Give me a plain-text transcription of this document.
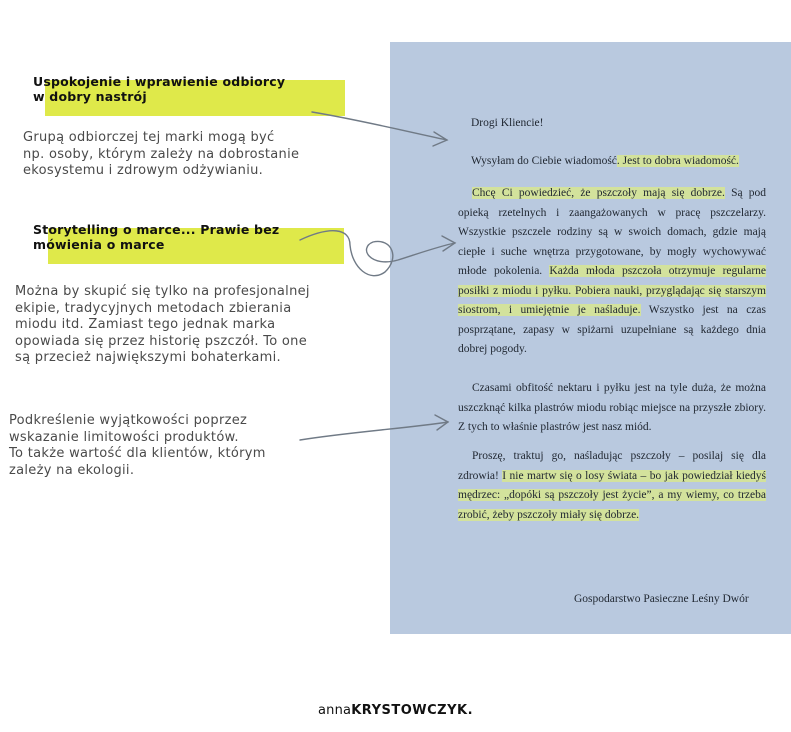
Uspokojenie i wprawienie odbiorcy
w dobry nastrój
Grupą odbiorczej tej marki mogą być
np. osoby, którym zależy na dobrostanie
ekosystemu i zdrowym odżywianiu.
Storytelling o marce... Prawie bez
mówienia o marce
Można by skupić się tylko na profesjonalnej
ekipie, tradycyjnych metodach zbierania
miodu itd. Zamiast tego jednak marka
opowiada się przez historię pszczół. To one
są przecież największymi bohaterkami.
Podkreślenie wyjątkowości poprzez
wskazanie limitowości produktów.
To także wartość dla klientów, którym
zależy na ekologii.
Drogi Kliencie!
Wysyłam do Ciebie wiadomość. Jest to dobra wiadomość.
Chcę Ci powiedzieć, że pszczoły mają się dobrze. Są pod opieką rzetelnych i zaangażowanych w pracę pszczelarzy. Wszystkie pszczele rodziny są w swoich domach, gdzie mają ciepłe i suche wnętrza przygotowane, by mogły wychowywać młode pokolenia. Każda młoda pszczoła otrzymuje regularne posiłki z miodu i pyłku. Pobiera nauki, przyglądając się starszym siostrom, i umiejętnie je naśladuje. Wszystko jest na czas posprzątane, zapasy w spiżarni uzupełniane są każdego dnia dobrej pogody.
Czasami obfitość nektaru i pyłku jest na tyle duża, że można uszczknąć kilka plastrów miodu robiąc miejsce na przyszłe zbiory. Z tych to właśnie plastrów jest nasz miód.
Proszę, traktuj go, naśladując pszczoły – posilaj się dla zdrowia! I nie martw się o losy świata – bo jak powiedział kiedyś mędrzec: „dopóki są pszczoły jest życie”, a my wiemy, co trzeba zrobić, żeby pszczoły miały się dobrze.
Gospodarstwo Pasieczne Leśny Dwór
annaKRYSTOWCZYK.
